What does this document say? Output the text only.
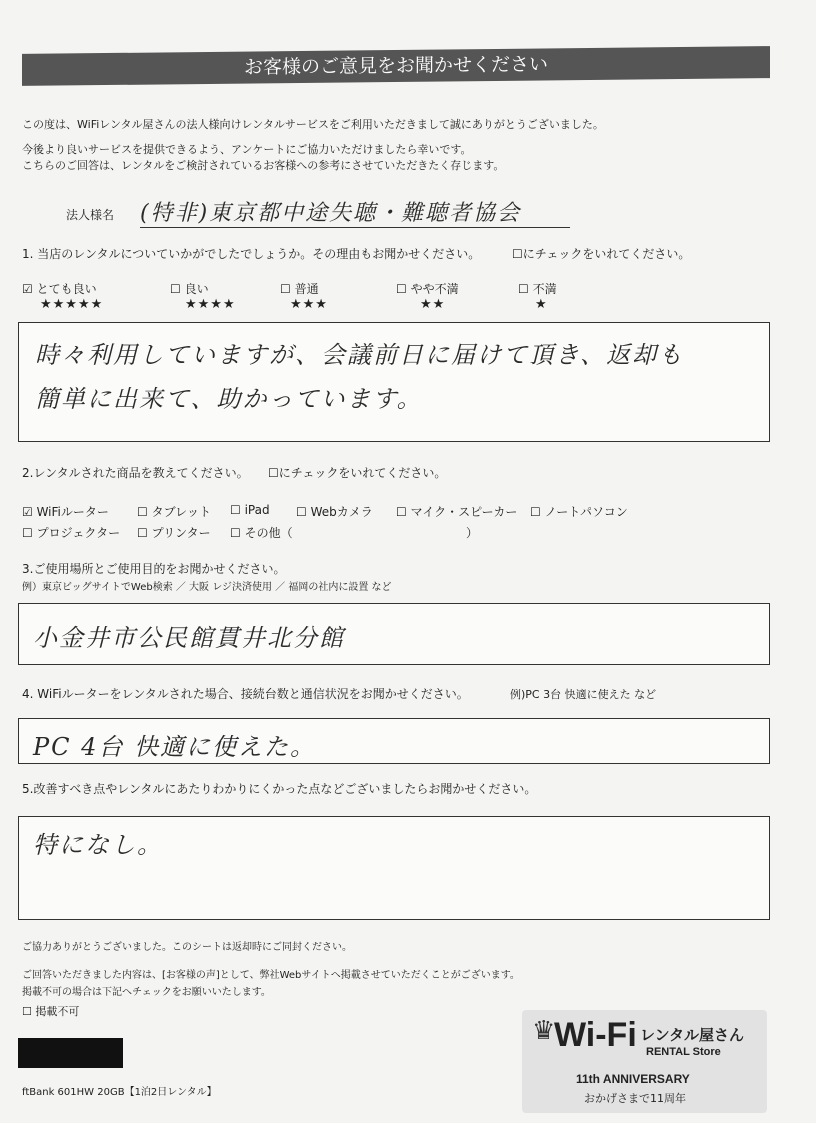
お客様のご意見をお聞かせください
この度は、WiFiレンタル屋さんの法人様向けレンタルサービスをご利用いただきまして誠にありがとうございました。
今後より良いサービスを提供できるよう、アンケートにご協力いただけましたら幸いです。
こちらのご回答は、レンタルをご検討されているお客様への参考にさせていただきたく存じます。
法人様名 (特非)東京都中途失聴・難聴者協会
1. 当店のレンタルについていかがでしたでしょうか。その理由もお聞かせください。	☐にチェックをいれてください。
☑ とても良い
★★★★★
☐ 良い
★★★★
☐ 普通
★★★
☐ やや不満
★★
☐ 不満
★
時々利用していますが、会議前日に届けて頂き、返却も
簡単に出来て、助かっています。
2.レンタルされた商品を教えてください。 ☐にチェックをいれてください。
☑ WiFiルーター ☐ タブレット ☐ iPad ☐ Webカメラ ☐ マイク・スピーカー ☐ ノートパソコン
☐ プロジェクター ☐ プリンター ☐ その他（	）
3.ご使用場所とご使用目的をお聞かせください。
例）東京ビッグサイトでWeb検索 ／ 大阪 レジ決済使用 ／ 福岡の社内に設置 など
小金井市公民館貫井北分館
4. WiFiルーターをレンタルされた場合、接続台数と通信状況をお聞かせください。	例)PC 3台 快適に使えた など
PC 4台 快適に使えた。
5.改善すべき点やレンタルにあたりわかりにくかった点などございましたらお聞かせください。
特になし。
ご協力ありがとうございました。このシートは返却時にご同封ください。
ご回答いただきました内容は、[お客様の声]として、弊社Webサイトへ掲載させていただくことがございます。
掲載不可の場合は下記へチェックをお願いいたします。
☐ 掲載不可
ftBank 601HW 20GB【1泊2日レンタル】
♛
Wi-Fi レンタル屋さん
RENTAL Store
11th ANNIVERSARY
おかげさまで11周年
